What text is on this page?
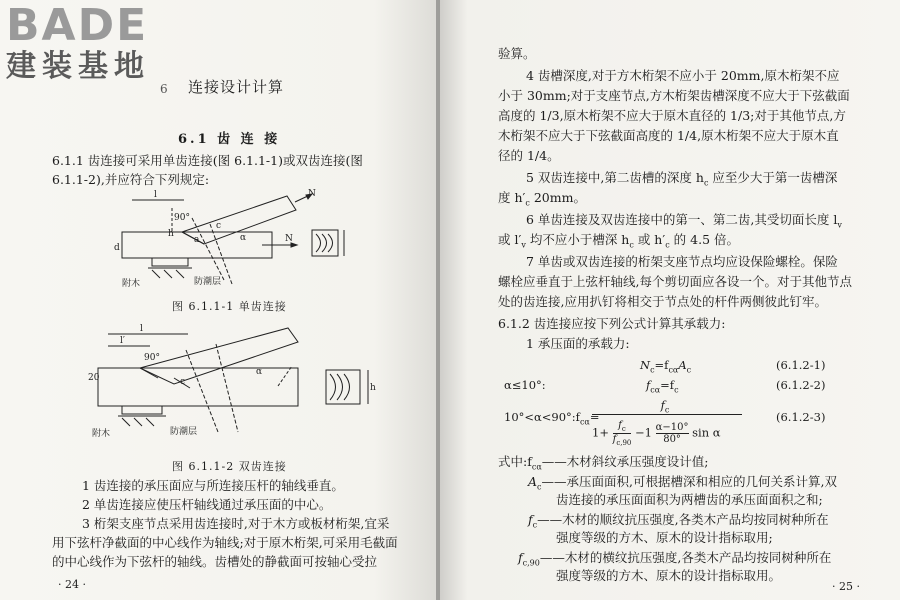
BADE
建装基地
6 连接设计计算
6.1 齿 连 接
6.1.1 齿连接可采用单齿连接(图 6.1.1-1)或双齿连接(图
6.1.1-2),并应符合下列规定:
N
N
l
90°
h
d
c
a	α
附木	防潮层
图 6.1.1-1 单齿连接
l
l′
90°
20	c
α
h
附木	防潮层
图 6.1.1-2 双齿连接
1 齿连接的承压面应与所连接压杆的轴线垂直。
2 单齿连接应使压杆轴线通过承压面的中心。
3 桁架支座节点采用齿连接时,对于木方或板材桁架,宜采
用下弦杆净截面的中心线作为轴线;对于原木桁架,可采用毛截面
的中心线作为下弦杆的轴线。齿槽处的静截面可按轴心受拉
· 24 ·
验算。
4 齿槽深度,对于方木桁架不应小于 20mm,原木桁架不应
小于 30mm;对于支座节点,方木桁架齿槽深度不应大于下弦截面
高度的 1/3,原木桁架不应大于原木直径的 1/3;对于其他节点,方
木桁架不应大于下弦截面高度的 1/4,原木桁架不应大于原木直
径的 1/4。
5 双齿连接中,第二齿槽的深度 $h_c$ 应至少大于第一齿槽深
度 $h'_c$ 20mm。
6 单齿连接及双齿连接中的第一、第二齿,其受切面长度 $l_v$
或 $l'_v$ 均不应小于槽深 $h_c$ 或 $h'_c$ 的 4.5 倍。
7 单齿或双齿连接的桁架支座节点均应设保险螺栓。保险
螺栓应垂直于上弦杆轴线,每个剪切面应各设一个。对于其他节点
处的齿连接,应用扒钉将相交于节点处的杆件两侧彼此钉牢。
6.1.2 齿连接应按下列公式计算其承载力:
1 承压面的承载力:
$N_c=f_{c\alpha}A_c$	(6.1.2-1)
α≤10°:	$f_{c\alpha}=f_c$	(6.1.2-2)
$10^\circ<\alpha<90^\circ:f_{c\alpha}=$
$f_c$
$1+ \frac{f_c}{f_{c,90}} -1 \frac{\alpha-10^\circ}{80^\circ}$ sin α
(6.1.2-3)
式中$:f_{c\alpha}——$木材斜纹承压强度设计值;
$A_c——$承压面面积,可根据槽深和相应的几何关系计算,双
齿连接的承压面面积为两槽齿的承压面面积之和;
$f_c——$木材的顺纹抗压强度,各类木产品均按同树种所在
强度等级的方木、原木的设计指标取用;
$f_{c,90}——$木材的横纹抗压强度,各类木产品均按同树种所在
强度等级的方木、原木的设计指标取用。
· 25 ·
